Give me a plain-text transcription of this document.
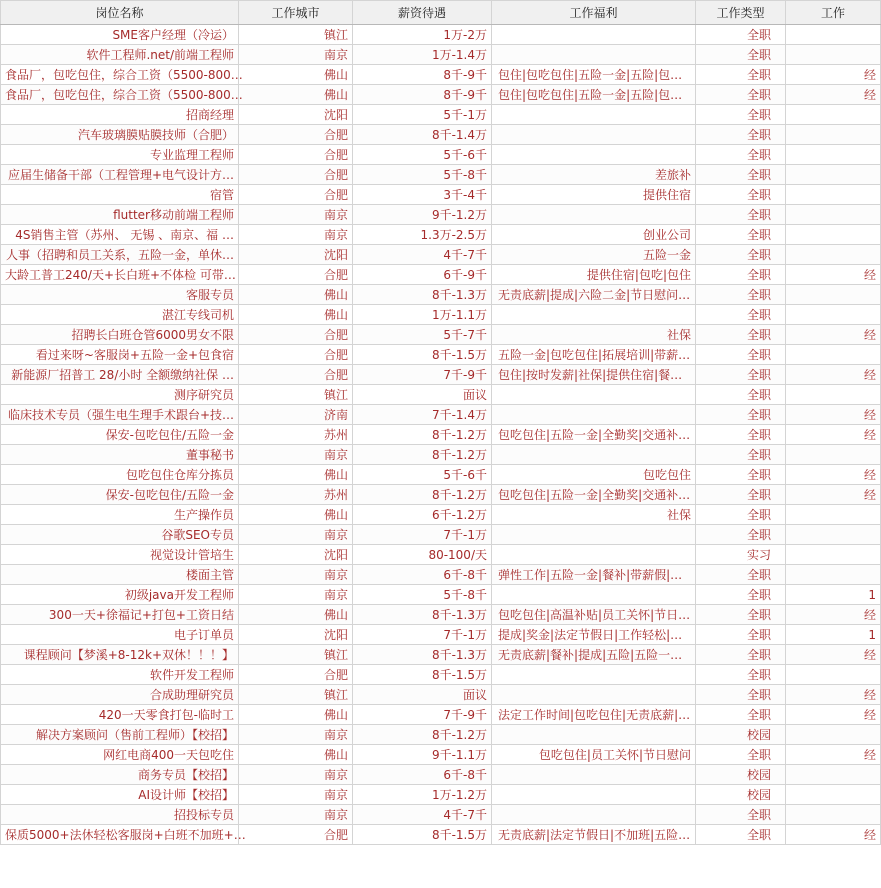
岗位名称	工作城市	薪资待遇	工作福利	工作类型	工作
SME客户经理（冷运）	镇江	1万-2万		全职	
软件工程师.net/前端工程师	南京	1万-1.4万		全职	
食品厂，包吃包住，综合工资（5500-800…	佛山	8千-9千	包住|包吃包住|五险一金|五险|包…	全职	经
食品厂，包吃包住，综合工资（5500-800…	佛山	8千-9千	包住|包吃包住|五险一金|五险|包…	全职	经
招商经理	沈阳	5千-1万		全职	
汽车玻璃膜贴膜技师（合肥）	合肥	8千-1.4万		全职	
专业监理工程师	合肥	5千-6千		全职	
应届生储备干部（工程管理+电气设计方…	合肥	5千-8千	差旅补	全职	
宿管	合肥	3千-4千	提供住宿	全职	
flutter移动前端工程师	南京	9千-1.2万		全职	
4S销售主管（苏州、 无锡 、南京、福 …	南京	1.3万-2.5万	创业公司	全职	
人事（招聘和员工关系，五险一金，单休…	沈阳	4千-7千	五险一金	全职	
大龄工普工240/天+长白班+不体检 可带…	合肥	6千-9千	提供住宿|包吃|包住	全职	经
客服专员	佛山	8千-1.3万	无责底薪|提成|六险二金|节日慰问…	全职	
湛江专线司机	佛山	1万-1.1万		全职	
招聘长白班仓管6000男女不限	合肥	5千-7千	社保	全职	经
看过来呀~客服岗+五险一金+包食宿	合肥	8千-1.5万	五险一金|包吃包住|拓展培训|带薪…	全职	
新能源厂招普工 28/小时 全额缴纳社保 …	合肥	7千-9千	包住|按时发薪|社保|提供住宿|餐…	全职	经
测序研究员	镇江	面议		全职	
临床技术专员（强生电生理手术跟台+技…	济南	7千-1.4万		全职	经
保安-包吃包住/五险一金	苏州	8千-1.2万	包吃包住|五险一金|全勤奖|交通补…	全职	经
董事秘书	南京	8千-1.2万		全职	
包吃包住仓库分拣员	佛山	5千-6千	包吃包住	全职	经
保安-包吃包住/五险一金	苏州	8千-1.2万	包吃包住|五险一金|全勤奖|交通补…	全职	经
生产操作员	佛山	6千-1.2万	社保	全职	
谷歌SEO专员	南京	7千-1万		全职	
视觉设计管培生	沈阳	80-100/天		实习	
楼面主管	南京	6千-8千	弹性工作|五险一金|餐补|带薪假|…	全职	
初级java开发工程师	南京	5千-8千		全职	1
300一天+徐福记+打包+工资日结	佛山	8千-1.3万	包吃包住|高温补贴|员工关怀|节日…	全职	经
电子订单员	沈阳	7千-1万	提成|奖金|法定节假日|工作轻松|…	全职	1
课程顾问【梦溪+8-12k+双休！！！】	镇江	8千-1.3万	无责底薪|餐补|提成|五险|五险一…	全职	经
软件开发工程师	合肥	8千-1.5万		全职	
合成助理研究员	镇江	面议		全职	经
420一天零食打包-临时工	佛山	7千-9千	法定工作时间|包吃包住|无责底薪|…	全职	经
解决方案顾问（售前工程师）【校招】	南京	8千-1.2万		校园	
网红电商400一天包吃住	佛山	9千-1.1万	包吃包住|员工关怀|节日慰问	全职	经
商务专员【校招】	南京	6千-8千		校园	
AI设计师【校招】	南京	1万-1.2万		校园	
招投标专员	南京	4千-7千		全职	
保质5000+法休轻松客服岗+白班不加班+…	合肥	8千-1.5万	无责底薪|法定节假日|不加班|五险…	全职	经
